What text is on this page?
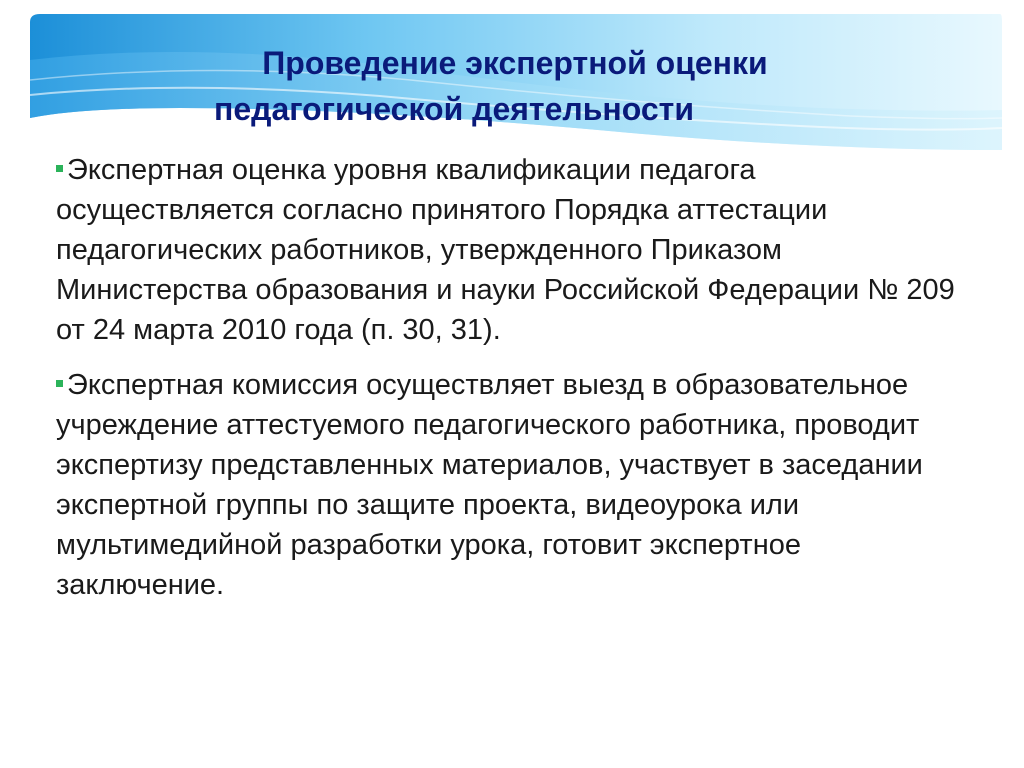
Проведение экспертной оценки
педагогической деятельности

Экспертная оценка уровня квалификации педагога осуществляется согласно принятого Порядка аттестации педагогических работников, утвержденного Приказом Министерства образования и науки Российской Федерации № 209 от 24 марта 2010 года (п. 30, 31).

Экспертная комиссия осуществляет выезд в образовательное учреждение аттестуемого педагогического работника, проводит экспертизу представленных материалов, участвует в заседании экспертной группы по защите проекта, видеоурока или мультимедийной разработки урока, готовит экспертное заключение.
